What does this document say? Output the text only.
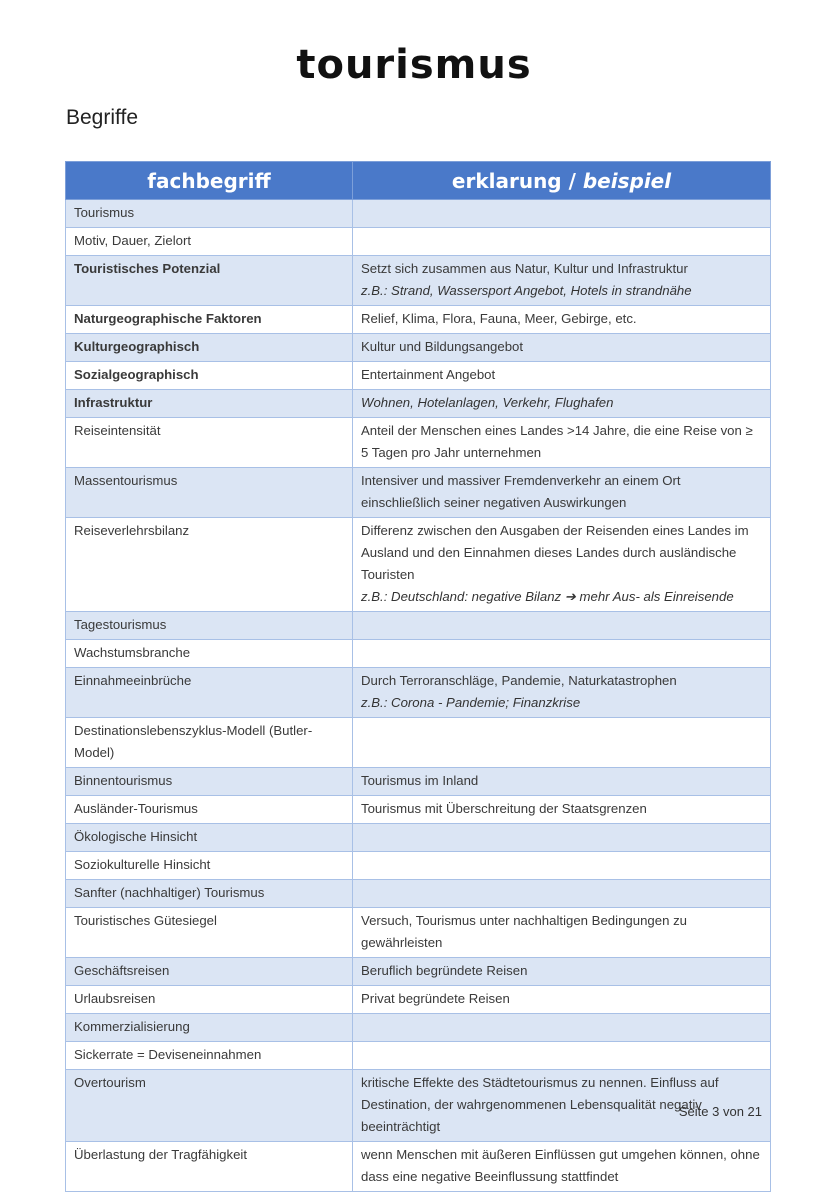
tourismus
Begriffe
fachbegriff	erklarung / beispiel
Tourismus	
Motiv, Dauer, Zielort	
Touristisches Potenzial	Setzt sich zusammen aus Natur, Kultur und Infrastruktur
z.B.: Strand, Wassersport Angebot, Hotels in strandnähe

Naturgeographische Faktoren	Relief, Klima, Flora, Fauna, Meer, Gebirge, etc.
Kulturgeographisch	Kultur und Bildungsangebot
Sozialgeographisch	Entertainment Angebot
Infrastruktur	Wohnen, Hotelanlagen, Verkehr, Flughafen

Reiseintensität	Anteil der Menschen eines Landes >14 Jahre, die eine Reise von ≥ 5 Tagen pro Jahr unternehmen
Massentourismus	Intensiver und massiver Fremdenverkehr an einem Ort einschließlich seiner negativen Auswirkungen
Reiseverlehrsbilanz	Differenz zwischen den Ausgaben der Reisenden eines Landes im Ausland und den Einnahmen dieses Landes durch ausländische Touristen
z.B.: Deutschland: negative Bilanz ➔ mehr Aus- als Einreisende

Tagestourismus	
Wachstumsbranche	
Einnahmeeinbrüche	Durch Terroranschläge, Pandemie, Naturkatastrophen
z.B.: Corona - Pandemie; Finanzkrise

Destinationslebenszyklus-Modell (Butler-Model)	
Binnentourismus	Tourismus im Inland
Ausländer-Tourismus	Tourismus mit Überschreitung der Staatsgrenzen
Ökologische Hinsicht	
Soziokulturelle Hinsicht	
Sanfter (nachhaltiger) Tourismus	
Touristisches Gütesiegel	Versuch, Tourismus unter nachhaltigen Bedingungen zu gewährleisten
Geschäftsreisen	Beruflich begründete Reisen
Urlaubsreisen	Privat begründete Reisen
Kommerzialisierung	
Sickerrate = Deviseneinnahmen	
Overtourism	kritische Effekte des Städtetourismus zu nennen. Einfluss auf Destination, der wahrgenommenen Lebensqualität negativ beeinträchtigt
Überlastung der Tragfähigkeit	wenn Menschen mit äußeren Einflüssen gut umgehen können, ohne dass eine negative Beeinflussung stattfindet
Seite 3 von 21
